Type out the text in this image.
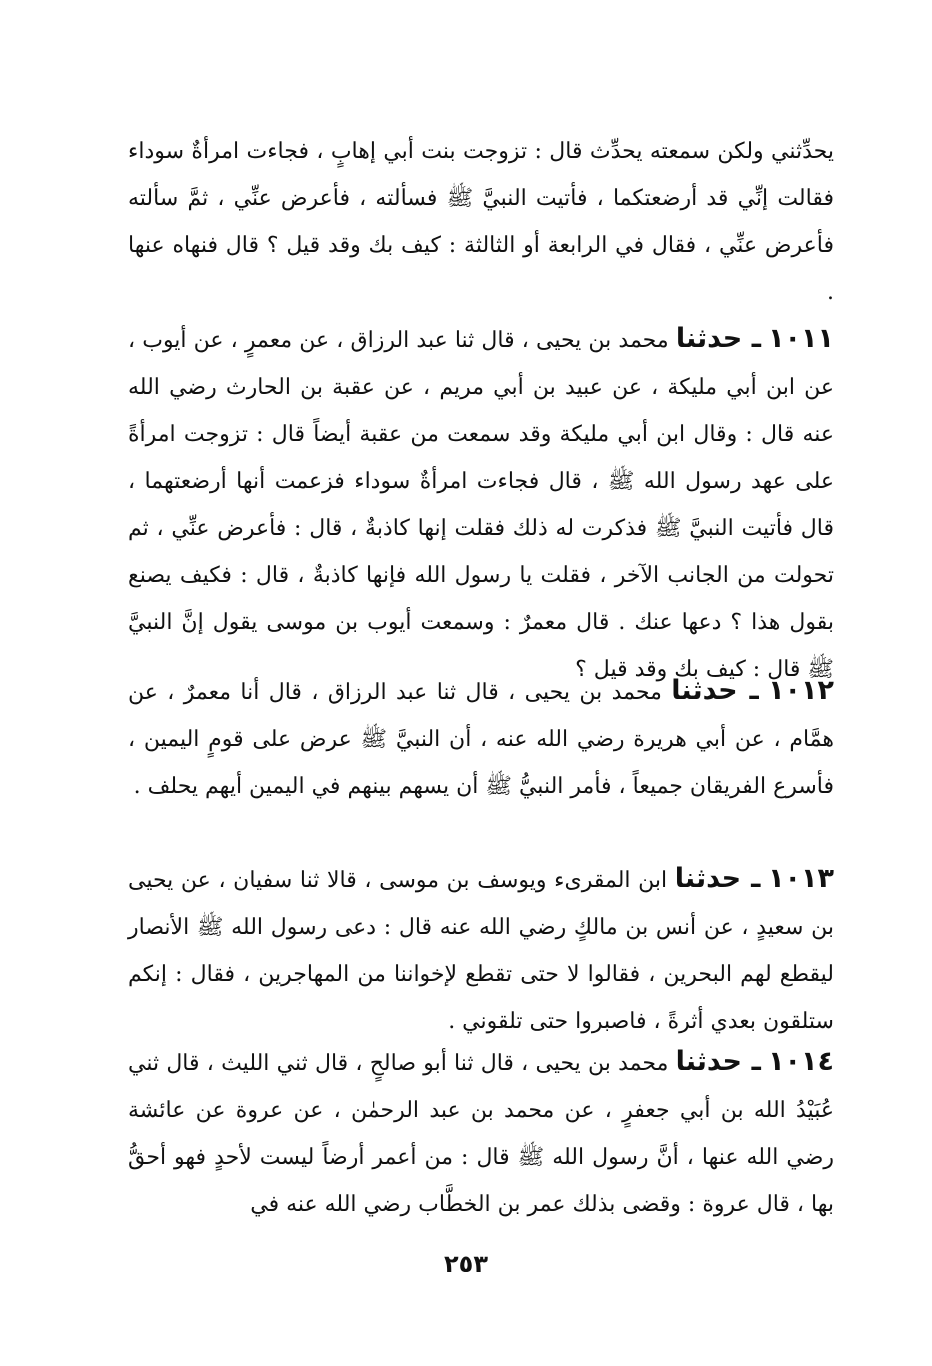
يحدِّثني ولكن سمعته يحدِّث قال : تزوجت بنت أبي إهابٍ ، فجاءت امرأةٌ سوداء فقالت إنِّي قد أرضعتكما ، فأتيت النبيَّ ﷺ فسألته ، فأعرض عنِّي ، ثمَّ سألته فأعرض عنِّي ، فقال في الرابعة أو الثالثة : كيف بك وقد قيل ؟ قال فنهاه عنها .
١٠١١ ـ حدثنا محمد بن يحيى ، قال ثنا عبد الرزاق ، عن معمرٍ ، عن أيوب ، عن ابن أبي مليكة ، عن عبيد بن أبي مريم ، عن عقبة بن الحارث رضي الله عنه قال : وقال ابن أبي مليكة وقد سمعت من عقبة أيضاً قال : تزوجت امرأةً على عهد رسول الله ﷺ ، قال فجاءت امرأةٌ سوداء فزعمت أنها أرضعتهما ، قال فأتيت النبيَّ ﷺ فذكرت له ذلك فقلت إنها كاذبةٌ ، قال : فأعرض عنِّي ، ثم تحولت من الجانب الآخر ، فقلت يا رسول الله فإنها كاذبةٌ ، قال : فكيف يصنع بقول هذا ؟ دعها عنك . قال معمرٌ : وسمعت أيوب بن موسى يقول إنَّ النبيَّ ﷺ قال : كيف بك وقد قيل ؟
١٠١٢ ـ حدثنا محمد بن يحيى ، قال ثنا عبد الرزاق ، قال أنا معمرٌ ، عن همَّام ، عن أبي هريرة رضي الله عنه ، أن النبيَّ ﷺ عرض على قومٍ اليمين ، فأسرع الفريقان جميعاً ، فأمر النبيُّ ﷺ أن يسهم بينهم في اليمين أيهم يحلف .
١٠١٣ ـ حدثنا ابن المقرىء ويوسف بن موسى ، قالا ثنا سفيان ، عن يحيى بن سعيدٍ ، عن أنس بن مالكٍ رضي الله عنه قال : دعى رسول الله ﷺ الأنصار ليقطع لهم البحرين ، فقالوا لا حتى تقطع لإخواننا من المهاجرين ، فقال : إنكم ستلقون بعدي أثرةً ، فاصبروا حتى تلقوني .
١٠١٤ ـ حدثنا محمد بن يحيى ، قال ثنا أبو صالحٍ ، قال ثني الليث ، قال ثني عُبَيْدُ الله بن أبي جعفرٍ ، عن محمد بن عبد الرحمٰن ، عن عروة عن عائشة رضي الله عنها ، أنَّ رسول الله ﷺ قال : من أعمر أرضاً ليست لأحدٍ فهو أحقُّ بها ، قال عروة : وقضى بذلك عمر بن الخطَّاب رضي الله عنه في
٢٥٣
